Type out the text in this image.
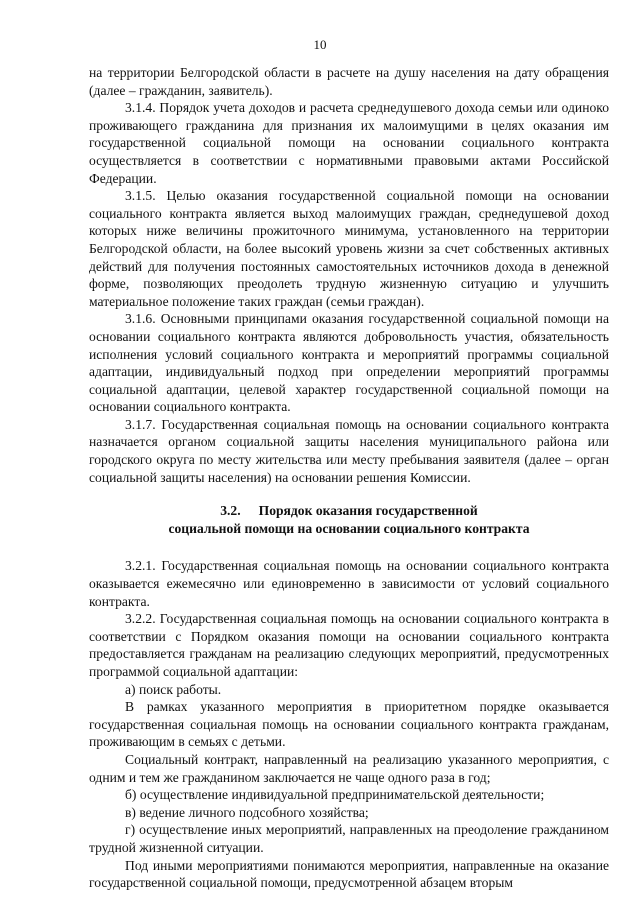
10

на территории Белгородской области в расчете на душу населения на дату обращения (далее – гражданин, заявитель).

3.1.4. Порядок учета доходов и расчета среднедушевого дохода семьи или одиноко проживающего гражданина для признания их малоимущими в целях оказания им государственной социальной помощи на основании социального контракта осуществляется в соответствии с нормативными правовыми актами Российской Федерации.

3.1.5. Целью оказания государственной социальной помощи на основании социального контракта является выход малоимущих граждан, среднедушевой доход которых ниже величины прожиточного минимума, установленного на территории Белгородской области, на более высокий уровень жизни за счет собственных активных действий для получения постоянных самостоятельных источников дохода в денежной форме, позволяющих преодолеть трудную жизненную ситуацию и улучшить материальное положение таких граждан (семьи граждан).

3.1.6. Основными принципами оказания государственной социальной помощи на основании социального контракта являются добровольность участия, обязательность исполнения условий социального контракта и мероприятий программы социальной адаптации, индивидуальный подход при определении мероприятий программы социальной адаптации, целевой характер государственной социальной помощи на основании социального контракта.

3.1.7. Государственная социальная помощь на основании социального контракта назначается органом социальной защиты населения муниципального района или городского округа по месту жительства или месту пребывания заявителя (далее – орган социальной защиты населения) на основании решения Комиссии.

3.2. Порядок оказания государственной
социальной помощи на основании социального контракта

3.2.1. Государственная социальная помощь на основании социального контракта оказывается ежемесячно или единовременно в зависимости от условий социального контракта.

3.2.2. Государственная социальная помощь на основании социального контракта в соответствии с Порядком оказания помощи на основании социального контракта предоставляется гражданам на реализацию следующих мероприятий, предусмотренных программой социальной адаптации:

а) поиск работы.

В рамках указанного мероприятия в приоритетном порядке оказывается государственная социальная помощь на основании социального контракта гражданам, проживающим в семьях с детьми.

Социальный контракт, направленный на реализацию указанного мероприятия, с одним и тем же гражданином заключается не чаще одного раза в год;

б) осуществление индивидуальной предпринимательской деятельности;

в) ведение личного подсобного хозяйства;

г) осуществление иных мероприятий, направленных на преодоление гражданином трудной жизненной ситуации.

Под иными мероприятиями понимаются мероприятия, направленные на оказание государственной социальной помощи, предусмотренной абзацем вторым
